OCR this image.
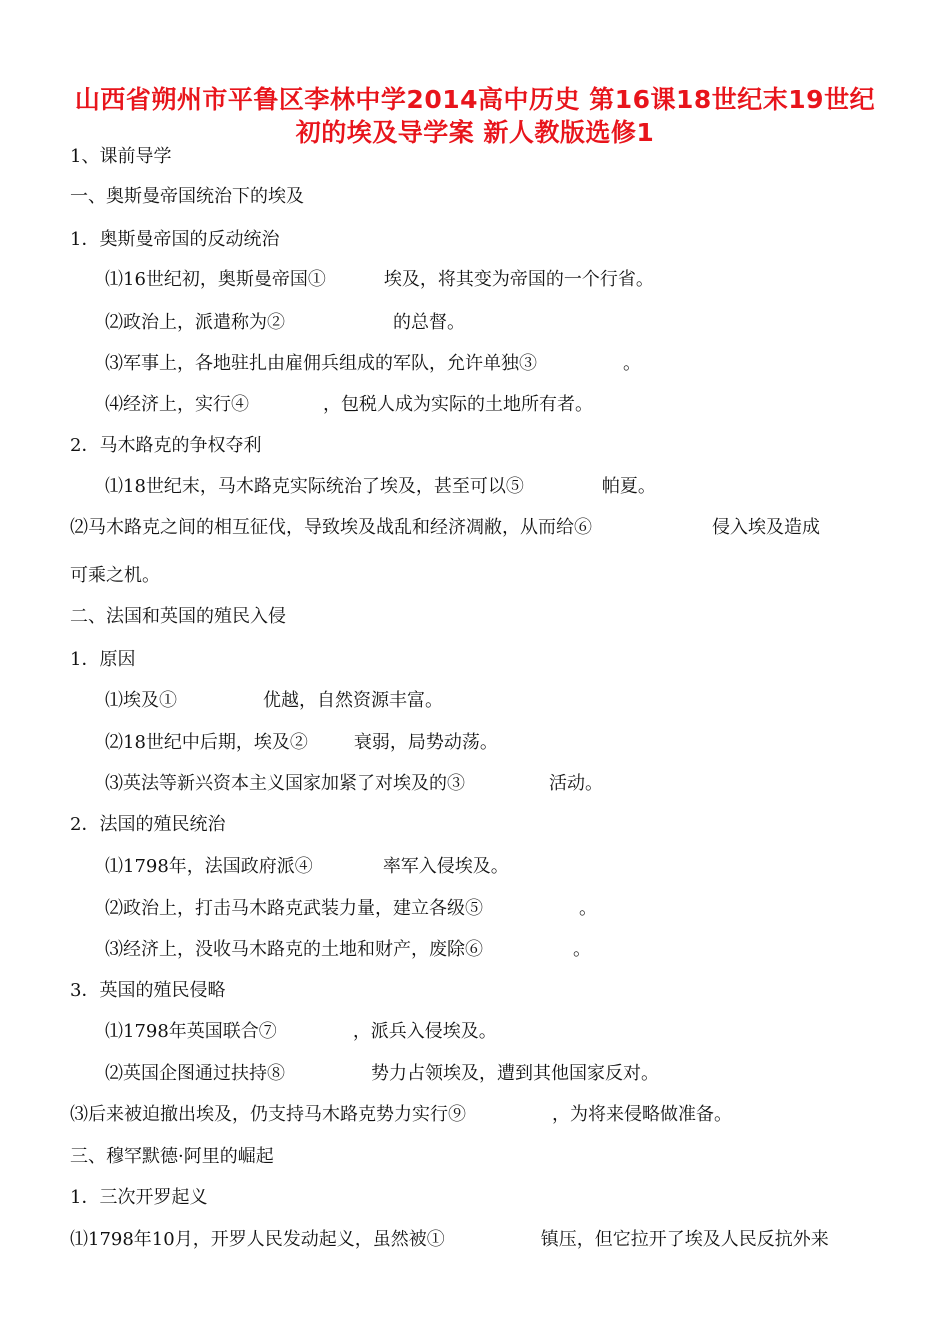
山西省朔州市平鲁区李林中学2014高中历史 第16课18世纪末19世纪
初的埃及导学案 新人教版选修1
1、课前导学
一、奥斯曼帝国统治下的埃及
1．奥斯曼帝国的反动统治
⑴16世纪初，奥斯曼帝国①	埃及，将其变为帝国的一个行省。
⑵政治上，派遣称为②	的总督。
⑶军事上，各地驻扎由雇佣兵组成的军队，允许单独③	。
⑷经济上，实行④	，包税人成为实际的土地所有者。
2．马木路克的争权夺利
⑴18世纪末，马木路克实际统治了埃及，甚至可以⑤	帕夏。
⑵马木路克之间的相互征伐，导致埃及战乱和经济凋敝，从而给⑥	侵入埃及造成
可乘之机。
二、法国和英国的殖民入侵
1．原因
⑴埃及①	优越，自然资源丰富。
⑵18世纪中后期，埃及②	衰弱，局势动荡。
⑶英法等新兴资本主义国家加紧了对埃及的③	活动。
2．法国的殖民统治
⑴1798年，法国政府派④	率军入侵埃及。
⑵政治上，打击马木路克武装力量，建立各级⑤	。
⑶经济上，没收马木路克的土地和财产，废除⑥	。
3．英国的殖民侵略
⑴1798年英国联合⑦	，派兵入侵埃及。
⑵英国企图通过扶持⑧	势力占领埃及，遭到其他国家反对。
⑶后来被迫撤出埃及，仍支持马木路克势力实行⑨	，为将来侵略做准备。
三、穆罕默德·阿里的崛起
1．三次开罗起义
⑴1798年10月，开罗人民发动起义，虽然被①	镇压，但它拉开了埃及人民反抗外来
